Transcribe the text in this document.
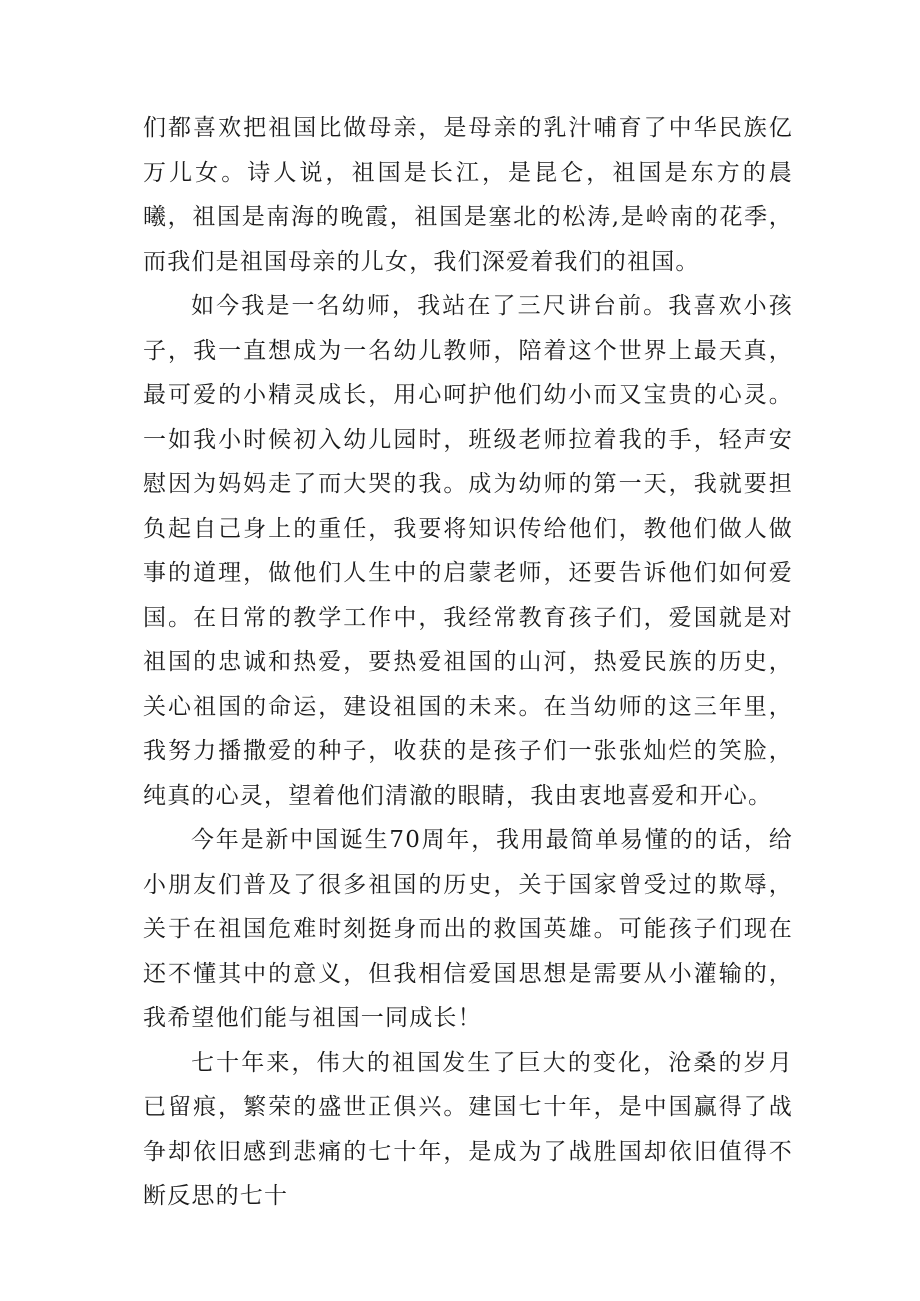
们都喜欢把祖国比做母亲，是母亲的乳汁哺育了中华民族亿万儿女。诗人说，祖国是长江，是昆仑，祖国是东方的晨曦，祖国是南海的晚霞，祖国是塞北的松涛,是岭南的花季，而我们是祖国母亲的儿女，我们深爱着我们的祖国。

如今我是一名幼师，我站在了三尺讲台前。我喜欢小孩子，我一直想成为一名幼儿教师，陪着这个世界上最天真，最可爱的小精灵成长，用心呵护他们幼小而又宝贵的心灵。一如我小时候初入幼儿园时，班级老师拉着我的手，轻声安慰因为妈妈走了而大哭的我。成为幼师的第一天，我就要担负起自己身上的重任，我要将知识传给他们，教他们做人做事的道理，做他们人生中的启蒙老师，还要告诉他们如何爱国。在日常的教学工作中，我经常教育孩子们，爱国就是对祖国的忠诚和热爱，要热爱祖国的山河，热爱民族的历史，关心祖国的命运，建设祖国的未来。在当幼师的这三年里，我努力播撒爱的种子，收获的是孩子们一张张灿烂的笑脸，纯真的心灵，望着他们清澈的眼睛，我由衷地喜爱和开心。

今年是新中国诞生70周年，我用最简单易懂的的话，给小朋友们普及了很多祖国的历史，关于国家曾受过的欺辱，关于在祖国危难时刻挺身而出的救国英雄。可能孩子们现在还不懂其中的意义，但我相信爱国思想是需要从小灌输的，我希望他们能与祖国一同成长！

七十年来，伟大的祖国发生了巨大的变化，沧桑的岁月已留痕，繁荣的盛世正俱兴。建国七十年，是中国赢得了战争却依旧感到悲痛的七十年，是成为了战胜国却依旧值得不断反思的七十
